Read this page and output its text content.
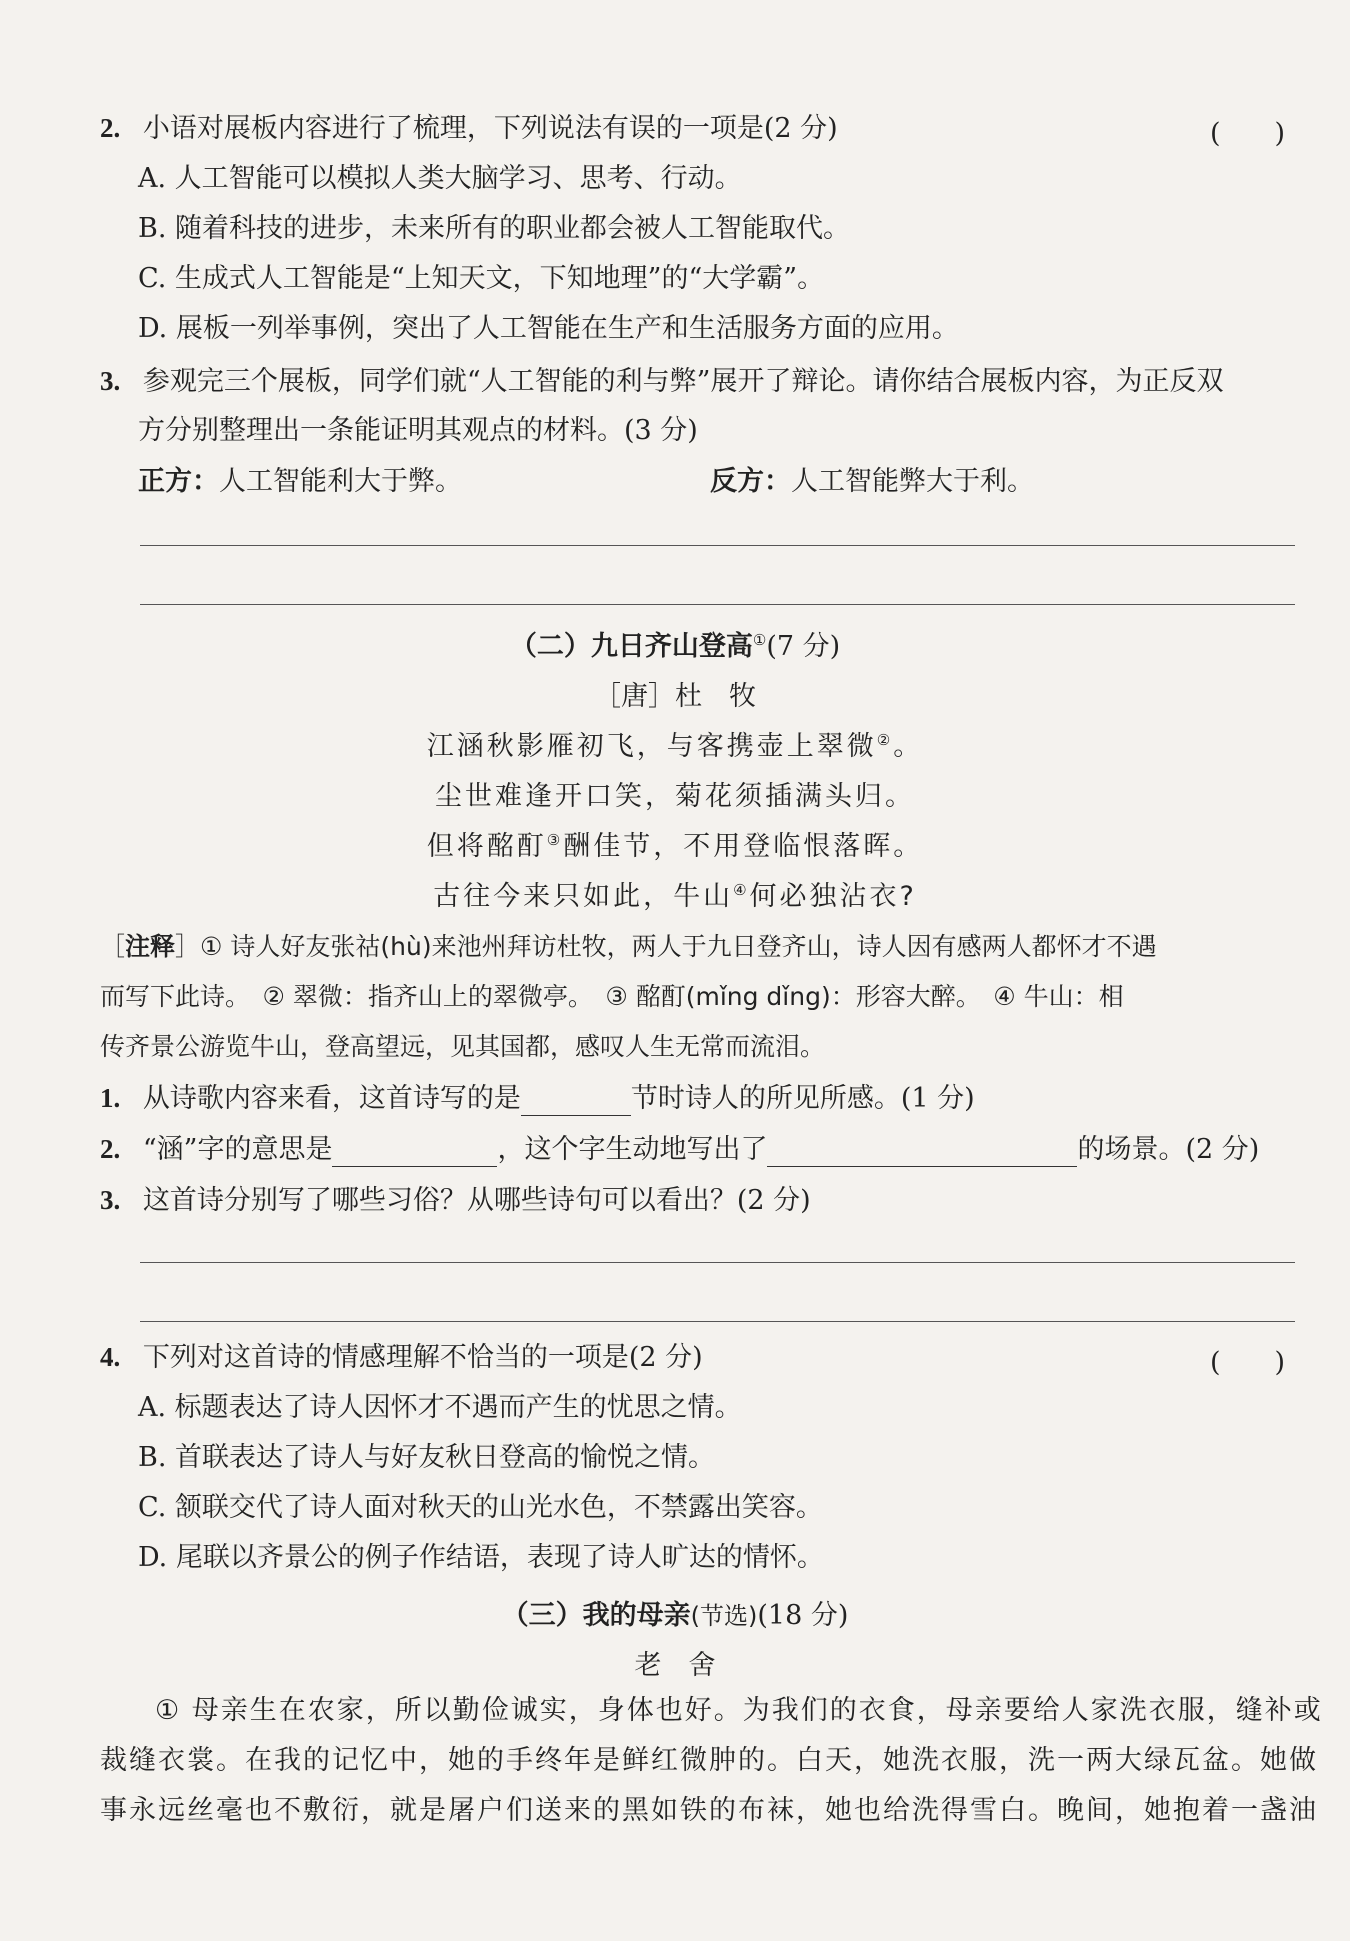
2. 小语对展板内容进行了梳理，下列说法有误的一项是(2 分)	(　　)
A. 人工智能可以模拟人类大脑学习、思考、行动。
B. 随着科技的进步，未来所有的职业都会被人工智能取代。
C. 生成式人工智能是“上知天文，下知地理”的“大学霸”。
D. 展板一列举事例，突出了人工智能在生产和生活服务方面的应用。
3. 参观完三个展板，同学们就“人工智能的利与弊”展开了辩论。请你结合展板内容，为正反双
方分别整理出一条能证明其观点的材料。(3 分)
正方：人工智能利大于弊。	反方：人工智能弊大于利。
（二）九日齐山登高①(7 分)
［唐］杜　牧
江涵秋影雁初飞，与客携壶上翠微②。
尘世难逢开口笑，菊花须插满头归。
但将酩酊③酬佳节，不用登临恨落晖。
古往今来只如此，牛山④何必独沾衣?
［注释］① 诗人好友张祜(hù)来池州拜访杜牧，两人于九日登齐山，诗人因有感两人都怀才不遇
而写下此诗。　② 翠微：指齐山上的翠微亭。　③ 酩酊(mǐng dǐng)：形容大醉。　④ 牛山：相
传齐景公游览牛山，登高望远，见其国都，感叹人生无常而流泪。
1. 从诗歌内容来看，这首诗写的是	节时诗人的所见所感。(1 分)
2. “涵”字的意思是	，这个字生动地写出了	的场景。(2 分)
3. 这首诗分别写了哪些习俗？从哪些诗句可以看出？(2 分)
4. 下列对这首诗的情感理解不恰当的一项是(2 分)	(　　)
A. 标题表达了诗人因怀才不遇而产生的忧思之情。
B. 首联表达了诗人与好友秋日登高的愉悦之情。
C. 颔联交代了诗人面对秋天的山光水色，不禁露出笑容。
D. 尾联以齐景公的例子作结语，表现了诗人旷达的情怀。
（三）我的母亲(节选)(18 分)
老　舍
① 母亲生在农家，所以勤俭诚实，身体也好。为我们的衣食，母亲要给人家洗衣服，缝补或
裁缝衣裳。在我的记忆中，她的手终年是鲜红微肿的。白天，她洗衣服，洗一两大绿瓦盆。她做
事永远丝毫也不敷衍，就是屠户们送来的黑如铁的布袜，她也给洗得雪白。晚间，她抱着一盏油
